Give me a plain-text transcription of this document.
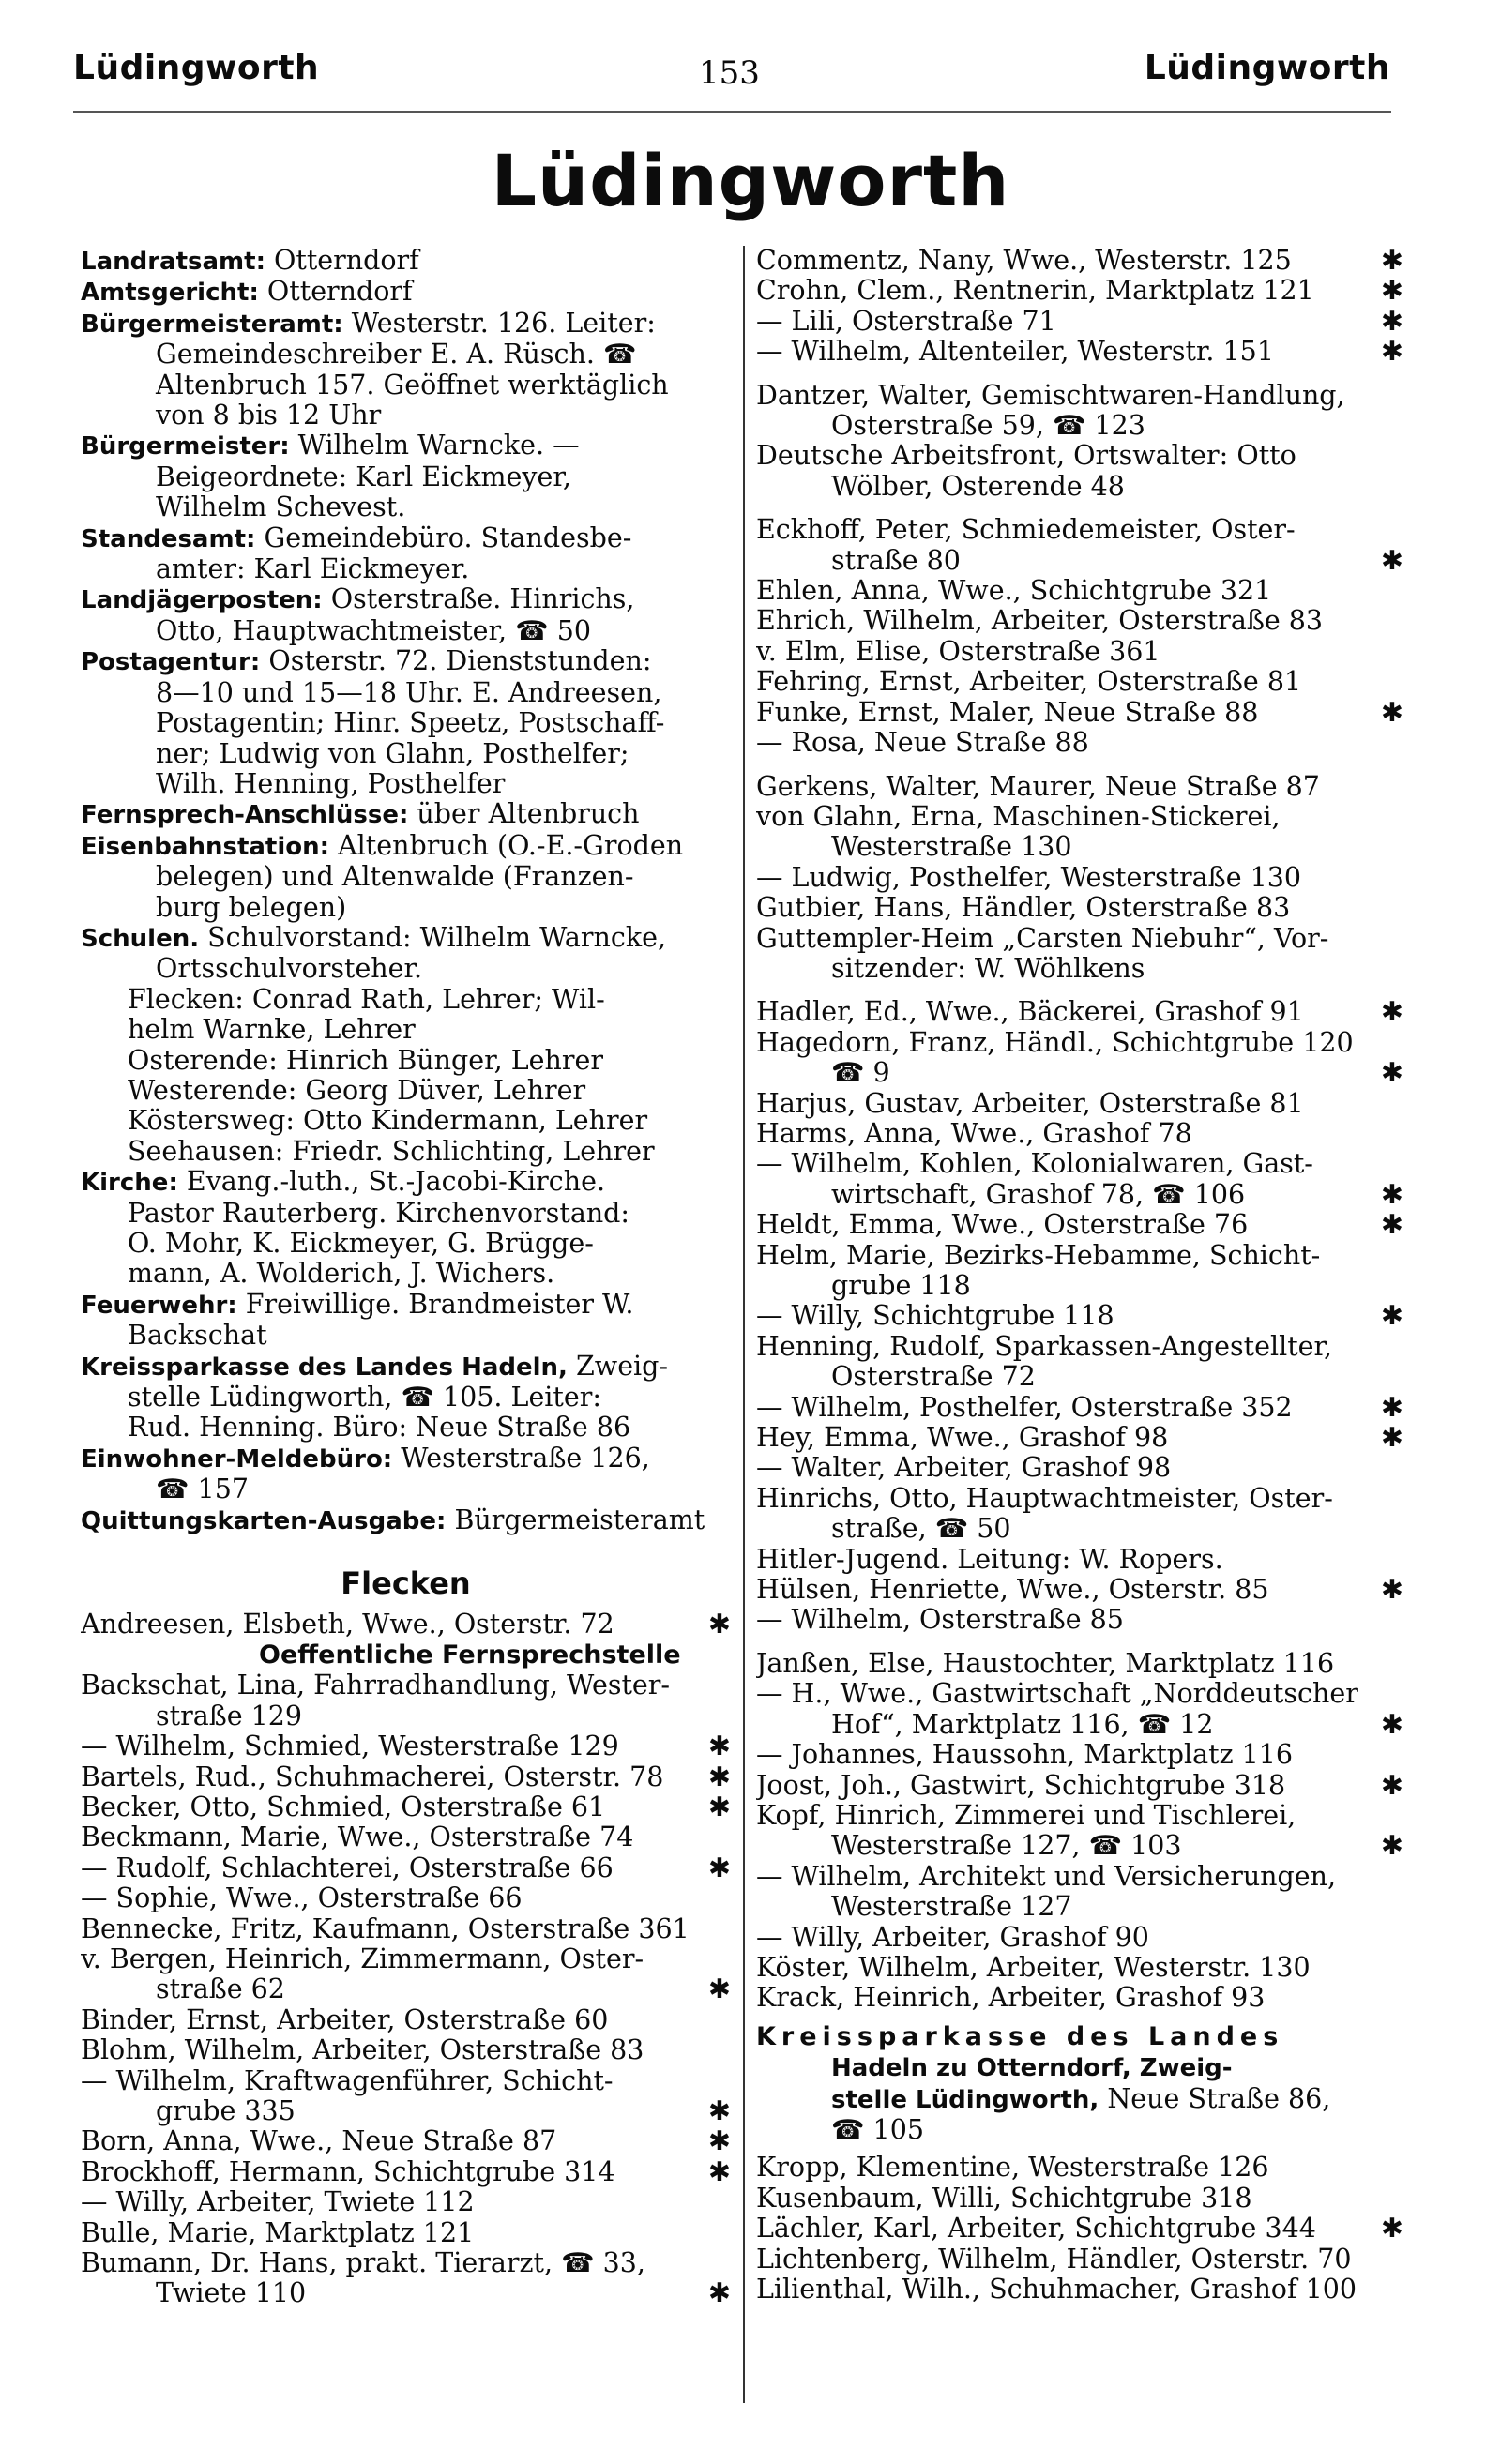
Lüdingworth	153	Lüdingworth
Lüdingworth
Landratsamt: Otterndorf
Amtsgericht: Otterndorf
Bürgermeisteramt: Westerstr. 126. Leiter:
Gemeindeschreiber E. A. Rüsch. ☎
Altenbruch 157. Geöffnet werktäglich
von 8 bis 12 Uhr
Bürgermeister: Wilhelm Warncke. —
Beigeordnete: Karl Eickmeyer,
Wilhelm Schevest.
Standesamt: Gemeindebüro. Standesbe-
amter: Karl Eickmeyer.
Landjägerposten: Osterstraße. Hinrichs,
Otto, Hauptwachtmeister, ☎ 50
Postagentur: Osterstr. 72. Dienststunden:
8—10 und 15—18 Uhr. E. Andreesen,
Postagentin; Hinr. Speetz, Postschaff-
ner; Ludwig von Glahn, Posthelfer;
Wilh. Henning, Posthelfer
Fernsprech-Anschlüsse: über Altenbruch
Eisenbahnstation: Altenbruch (O.-E.-Groden
belegen) und Altenwalde (Franzen-
burg belegen)
Schulen. Schulvorstand: Wilhelm Warncke,
Ortsschulvorsteher.
Flecken: Conrad Rath, Lehrer; Wil-
helm Warnke, Lehrer
Osterende: Hinrich Bünger, Lehrer
Westerende: Georg Düver, Lehrer
Köstersweg: Otto Kindermann, Lehrer
Seehausen: Friedr. Schlichting, Lehrer
Kirche: Evang.-luth., St.-Jacobi-Kirche.
Pastor Rauterberg. Kirchenvorstand:
O. Mohr, K. Eickmeyer, G. Brügge-
mann, A. Wolderich, J. Wichers.
Feuerwehr: Freiwillige. Brandmeister W.
Backschat
Kreissparkasse des Landes Hadeln, Zweig-
stelle Lüdingworth, ☎ 105. Leiter:
Rud. Henning. Büro: Neue Straße 86
Einwohner-Meldebüro: Westerstraße 126,
☎ 157
Quittungskarten-Ausgabe: Bürgermeisteramt
Flecken
Andreesen, Elsbeth, Wwe., Osterstr. 72	✱
Oeffentliche Fernsprechstelle
Backschat, Lina, Fahrradhandlung, Wester-
straße 129
— Wilhelm, Schmied, Westerstraße 129	✱
Bartels, Rud., Schuhmacherei, Osterstr. 78 ✱
Becker, Otto, Schmied, Osterstraße 61	✱
Beckmann, Marie, Wwe., Osterstraße 74
— Rudolf, Schlachterei, Osterstraße 66	✱
— Sophie, Wwe., Osterstraße 66
Bennecke, Fritz, Kaufmann, Osterstraße 361
v. Bergen, Heinrich, Zimmermann, Oster-
straße 62	✱
Binder, Ernst, Arbeiter, Osterstraße 60
Blohm, Wilhelm, Arbeiter, Osterstraße 83
— Wilhelm, Kraftwagenführer, Schicht-
grube 335	✱
Born, Anna, Wwe., Neue Straße 87	✱
Brockhoff, Hermann, Schichtgrube 314	✱
— Willy, Arbeiter, Twiete 112
Bulle, Marie, Marktplatz 121
Bumann, Dr. Hans, prakt. Tierarzt, ☎ 33,
Twiete 110	✱
Commentz, Nany, Wwe., Westerstr. 125	✱
Crohn, Clem., Rentnerin, Marktplatz 121	✱
— Lili, Osterstraße 71	✱
— Wilhelm, Altenteiler, Westerstr. 151	✱
Dantzer, Walter, Gemischtwaren-Handlung,
Osterstraße 59, ☎ 123
Deutsche Arbeitsfront, Ortswalter: Otto
Wölber, Osterende 48
Eckhoff, Peter, Schmiedemeister, Oster-
straße 80	✱
Ehlen, Anna, Wwe., Schichtgrube 321
Ehrich, Wilhelm, Arbeiter, Osterstraße 83
v. Elm, Elise, Osterstraße 361
Fehring, Ernst, Arbeiter, Osterstraße 81
Funke, Ernst, Maler, Neue Straße 88	✱
— Rosa, Neue Straße 88
Gerkens, Walter, Maurer, Neue Straße 87
von Glahn, Erna, Maschinen-Stickerei,
Westerstraße 130
— Ludwig, Posthelfer, Westerstraße 130
Gutbier, Hans, Händler, Osterstraße 83
Guttempler-Heim „Carsten Niebuhr“, Vor-
sitzender: W. Wöhlkens
Hadler, Ed., Wwe., Bäckerei, Grashof 91	✱
Hagedorn, Franz, Händl., Schichtgrube 120
☎ 9	✱
Harjus, Gustav, Arbeiter, Osterstraße 81
Harms, Anna, Wwe., Grashof 78
— Wilhelm, Kohlen, Kolonialwaren, Gast-
wirtschaft, Grashof 78, ☎ 106	✱
Heldt, Emma, Wwe., Osterstraße 76	✱
Helm, Marie, Bezirks-Hebamme, Schicht-
grube 118
— Willy, Schichtgrube 118	✱
Henning, Rudolf, Sparkassen-Angestellter,
Osterstraße 72
— Wilhelm, Posthelfer, Osterstraße 352	✱
Hey, Emma, Wwe., Grashof 98	✱
— Walter, Arbeiter, Grashof 98
Hinrichs, Otto, Hauptwachtmeister, Oster-
straße, ☎ 50
Hitler-Jugend. Leitung: W. Ropers.
Hülsen, Henriette, Wwe., Osterstr. 85	✱
— Wilhelm, Osterstraße 85
Janßen, Else, Haustochter, Marktplatz 116
— H., Wwe., Gastwirtschaft „Norddeutscher
Hof“, Marktplatz 116, ☎ 12	✱
— Johannes, Haussohn, Marktplatz 116
Joost, Joh., Gastwirt, Schichtgrube 318	✱
Kopf, Hinrich, Zimmerei und Tischlerei,
Westerstraße 127, ☎ 103	✱
— Wilhelm, Architekt und Versicherungen,
Westerstraße 127
— Willy, Arbeiter, Grashof 90
Köster, Wilhelm, Arbeiter, Westerstr. 130
Krack, Heinrich, Arbeiter, Grashof 93
Kreissparkasse des Landes
Hadeln zu Otterndorf, Zweig-
stelle Lüdingworth, Neue Straße 86,
☎ 105
Kropp, Klementine, Westerstraße 126
Kusenbaum, Willi, Schichtgrube 318
Lächler, Karl, Arbeiter, Schichtgrube 344 ✱
Lichtenberg, Wilhelm, Händler, Osterstr. 70
Lilienthal, Wilh., Schuhmacher, Grashof 100
